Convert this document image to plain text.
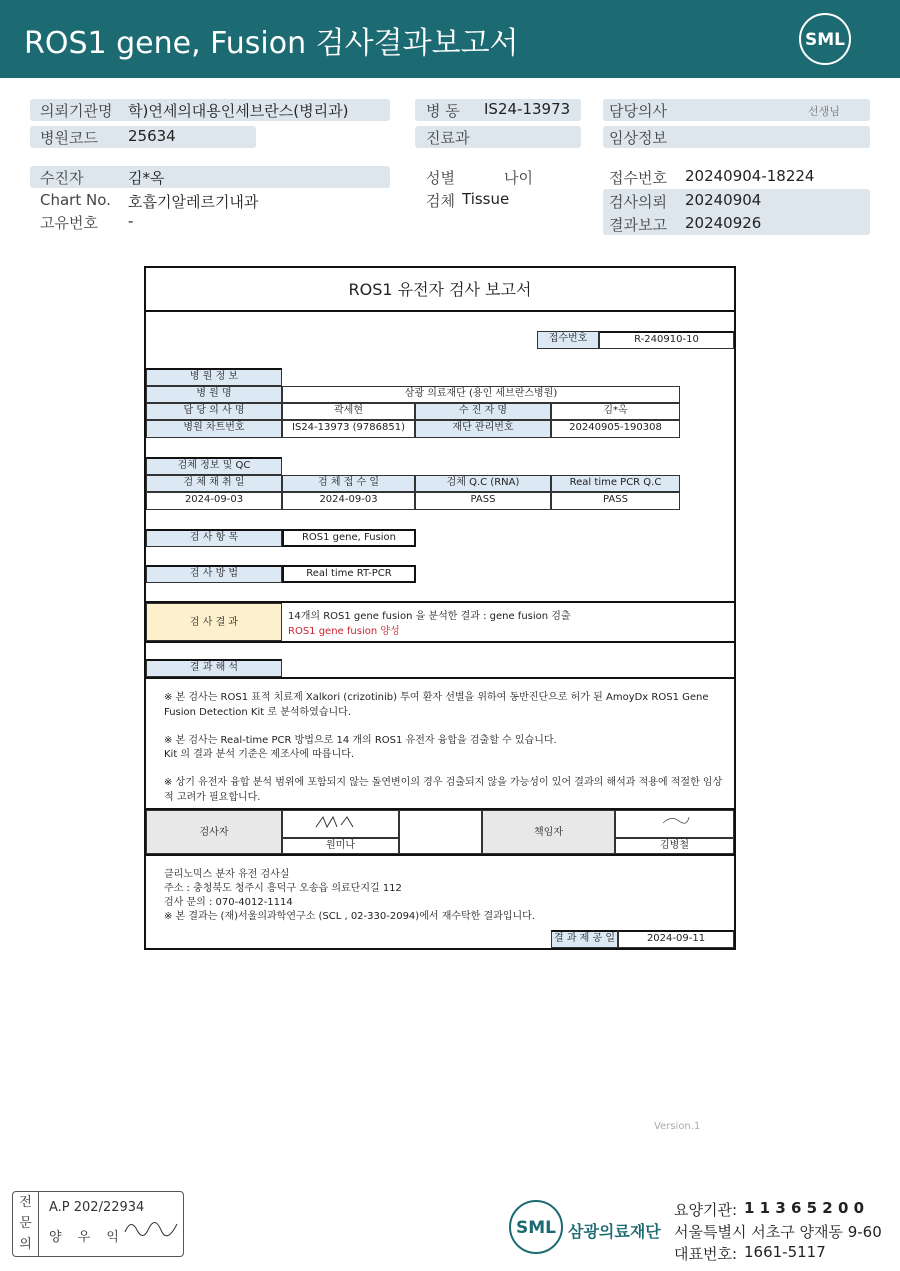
ROS1 gene, Fusion 검사결과보고서	SML
의뢰기관명 학)연세의대용인세브란스(병리과)
병원코드 25634
병 동 IS24-13973
진료과
담당의사	선생님
임상정보
수진자	김*옥
Chart No. 호흡기알레르기내과
고유번호 -
성별	나이
검체 Tissue
접수번호 20240904-18224
검사의뢰 20240904
결과보고 20240926
ROS1 유전자 검사 보고서
접수번호	R-240910-10
병 원 정 보
병 원 명	삼광 의료재단 (용인 세브란스병원)
담 당 의 사 명	곽세현	수 진 자 명	김*옥
병원 차트번호	IS24-13973 (9786851)	재단 관리번호	20240905-190308
검체 정보 및 QC
검 체 채 취 일	검 체 접 수 일	검체 Q.C (RNA)	Real time PCR Q.C
2024-09-03	2024-09-03	PASS	PASS
검 사 항 목	ROS1 gene, Fusion
검 사 방 법	Real time RT-PCR
검 사 결 과
14개의 ROS1 gene fusion 을 분석한 결과 : gene fusion 검출
ROS1 gene fusion 양성
결 과 해 석
※ 본 검사는 ROS1 표적 치료제 Xalkori (crizotinib) 투여 환자 선별을 위하여 동반진단으로 허가 된 AmoyDx ROS1 Gene
Fusion Detection Kit 로 분석하였습니다.
※ 본 검사는 Real-time PCR 방법으로 14 개의 ROS1 유전자 융합을 검출할 수 있습니다.
Kit 의 결과 분석 기준은 제조사에 따릅니다.
※ 상기 유전자 융합 분석 범위에 포함되지 않는 돌연변이의 경우 검출되지 않을 가능성이 있어 결과의 해석과 적용에 적절한 임상
적 고려가 필요합니다.
검사자
원미나
책임자
김병철
클리노믹스 분자 유전 검사실
주소 : 충청북도 청주시 흥덕구 오송읍 의료단지길 112
검사 문의 : 070-4012-1114
※ 본 결과는 (재)서울의과학연구소 (SCL , 02-330-2094)에서 재수탁한 결과입니다.
결 과 제 공 일	2024-09-11
Version.1
전문의
A.P 202/22934
양 우 익	SML 삼광의료재단
요양기관: 1 1 3 6 5 2 0 0
서울특별시 서초구 양재동 9-60
대표번호: 1661-5117
